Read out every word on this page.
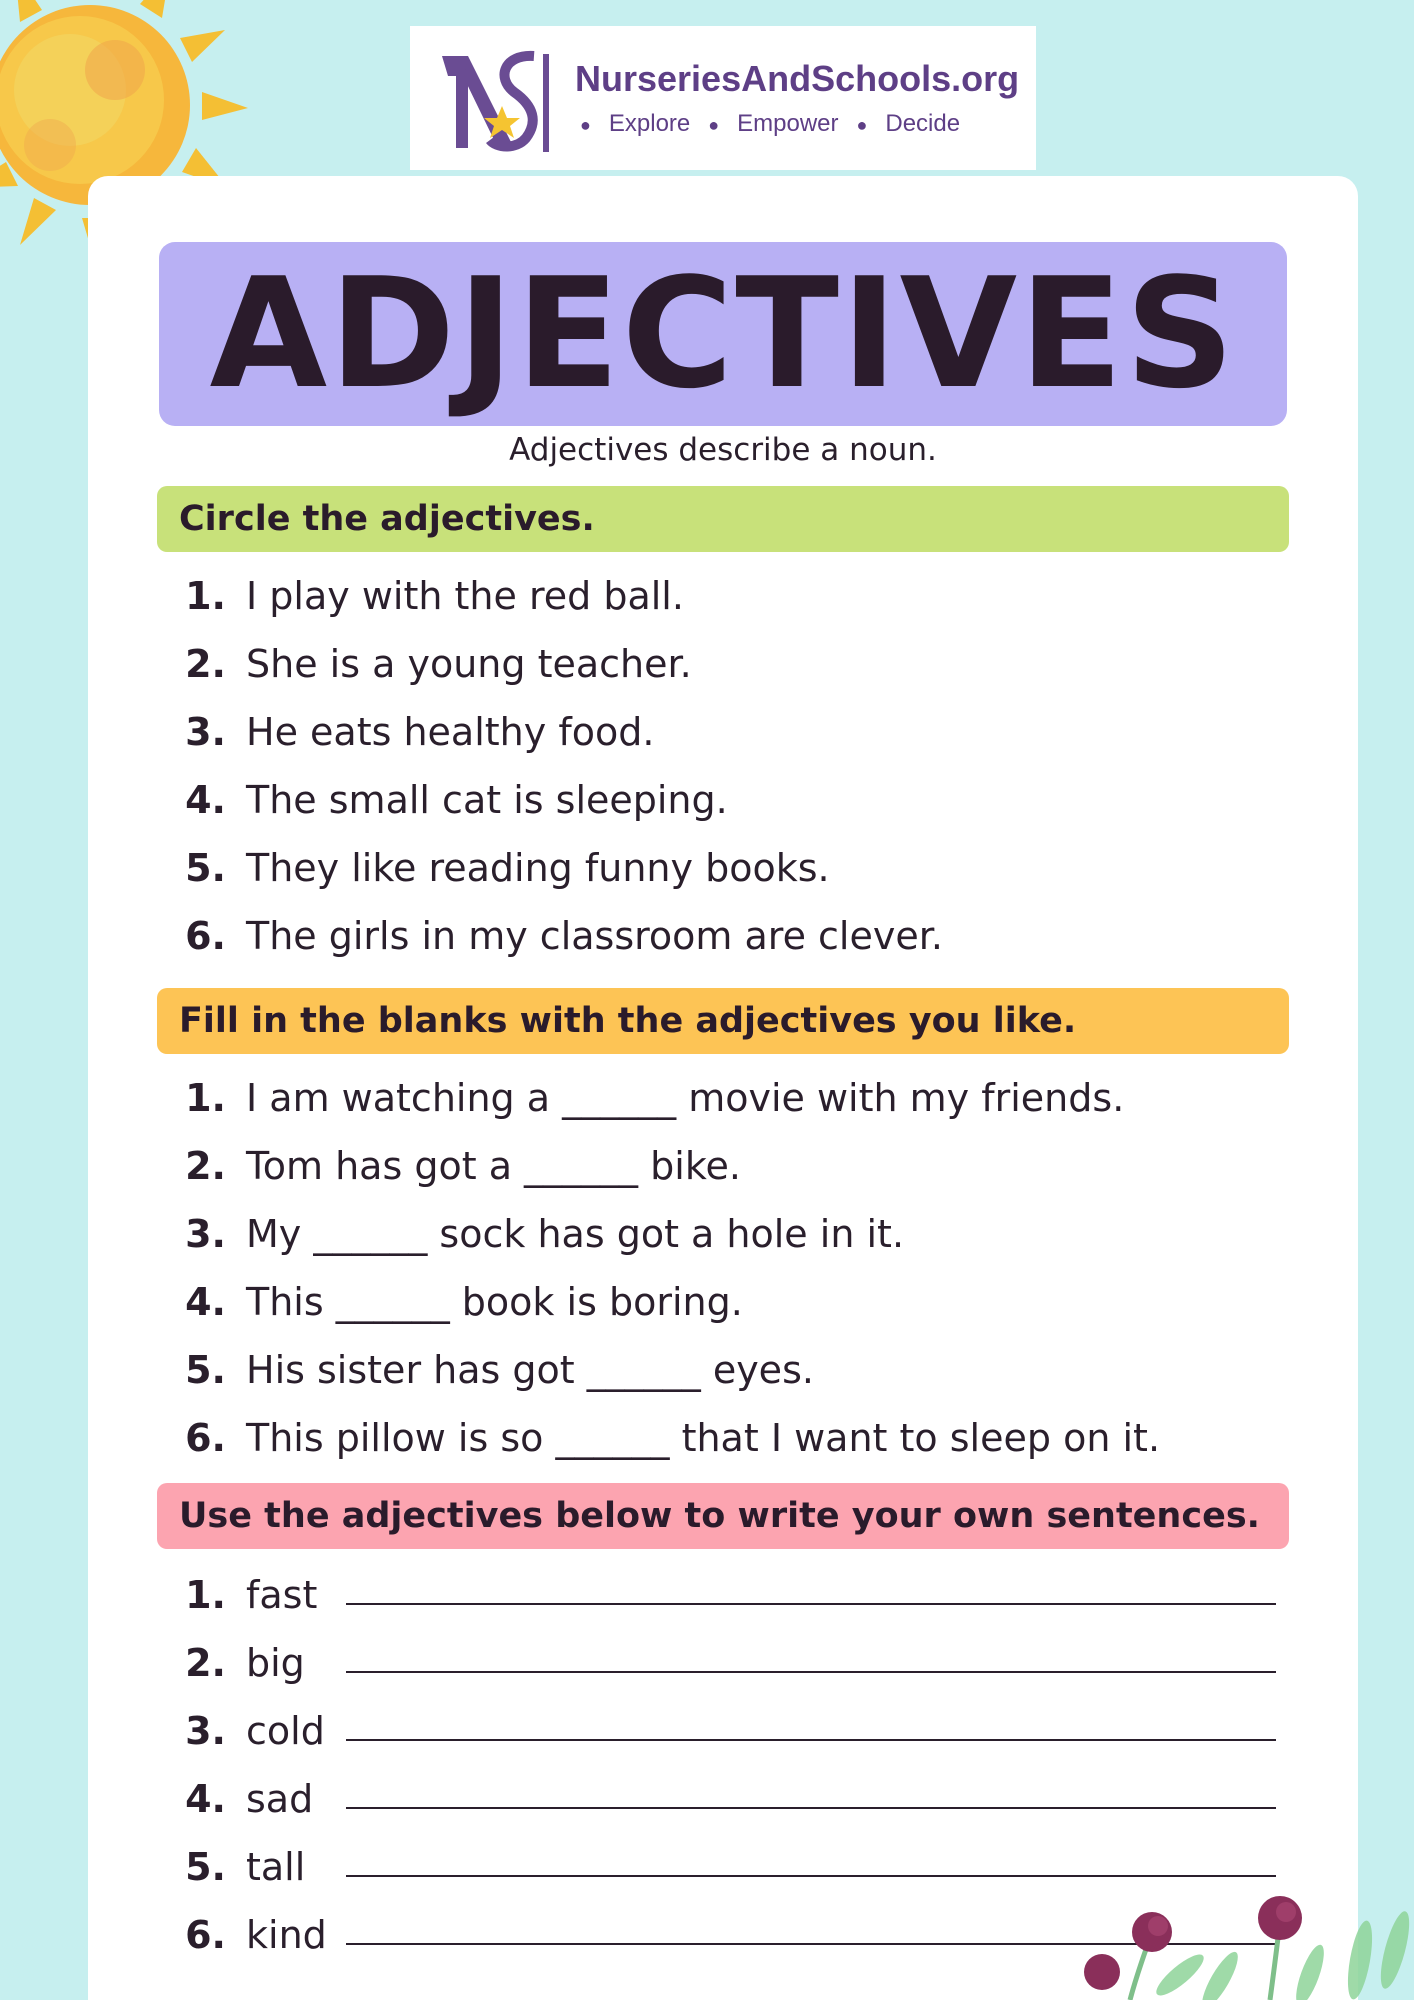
NurseriesAndSchools.org
● Explore ● Empower ● Decide
ADJECTIVES
Adjectives describe a noun.
Circle the adjectives.
1. I play with the red ball.
2. She is a young teacher.
3. He eats healthy food.
4. The small cat is sleeping.
5. They like reading funny books.
6. The girls in my classroom are clever.
Fill in the blanks with the adjectives you like.
1. I am watching a ______ movie with my friends.
2. Tom has got a ______ bike.
3. My ______ sock has got a hole in it.
4. This ______ book is boring.
5. His sister has got ______ eyes.
6. This pillow is so ______ that I want to sleep on it.
Use the adjectives below to write your own sentences.
1. fast
2. big
3. cold
4. sad
5. tall
6. kind
